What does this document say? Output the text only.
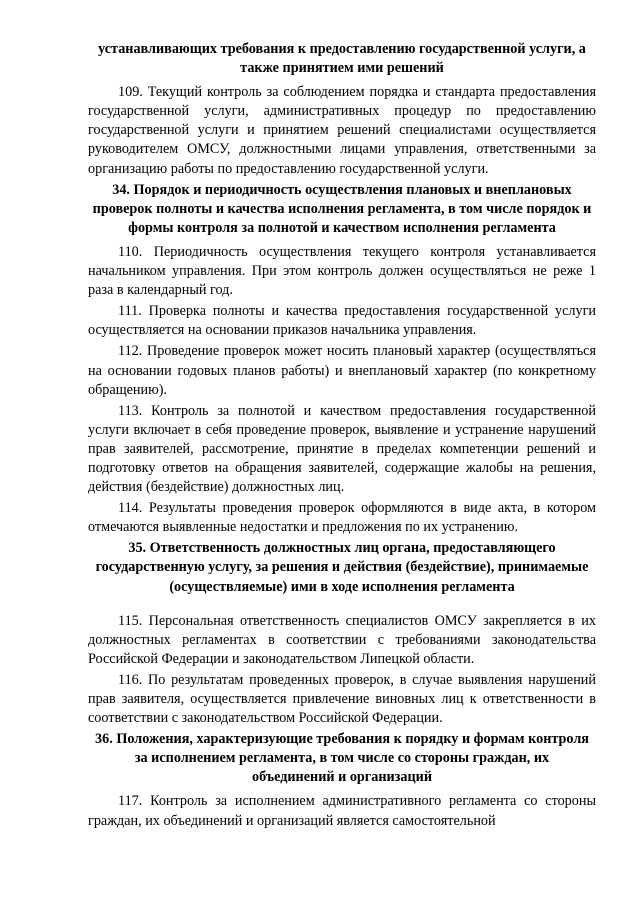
устанавливающих требования к предоставлению государственной услуги, а также принятием ими решений

109. Текущий контроль за соблюдением порядка и стандарта предоставления государственной услуги, административных процедур по предоставлению государственной услуги и принятием решений специалистами осуществляется руководителем ОМСУ, должностными лицами управления, ответственными за организацию работы по предоставлению государственной услуги.

34. Порядок и периодичность осуществления плановых и внеплановых проверок полноты и качества исполнения регламента, в том числе порядок и формы контроля за полнотой и качеством исполнения регламента

110. Периодичность осуществления текущего контроля устанавливается начальником управления. При этом контроль должен осуществляться не реже 1 раза в календарный год.

111. Проверка полноты и качества предоставления государственной услуги осуществляется на основании приказов начальника управления.

112. Проведение проверок может носить плановый характер (осуществляться на основании годовых планов работы) и внеплановый характер (по конкретному обращению).

113. Контроль за полнотой и качеством предоставления государственной услуги включает в себя проведение проверок, выявление и устранение нарушений прав заявителей, рассмотрение, принятие в пределах компетенции решений и подготовку ответов на обращения заявителей, содержащие жалобы на решения, действия (бездействие) должностных лиц.

114. Результаты проведения проверок оформляются в виде акта, в котором отмечаются выявленные недостатки и предложения по их устранению.

35. Ответственность должностных лиц органа, предоставляющего государственную услугу, за решения и действия (бездействие), принимаемые (осуществляемые) ими в ходе исполнения регламента

115. Персональная ответственность специалистов ОМСУ закрепляется в их должностных регламентах в соответствии с требованиями законодательства Российской Федерации и законодательством Липецкой области.

116. По результатам проведенных проверок, в случае выявления нарушений прав заявителя, осуществляется привлечение виновных лиц к ответственности в соответствии с законодательством Российской Федерации.

36. Положения, характеризующие требования к порядку и формам контроля за исполнением регламента, в том числе со стороны граждан, их объединений и организаций

117. Контроль за исполнением административного регламента со стороны граждан, их объединений и организаций является самостоятельной
